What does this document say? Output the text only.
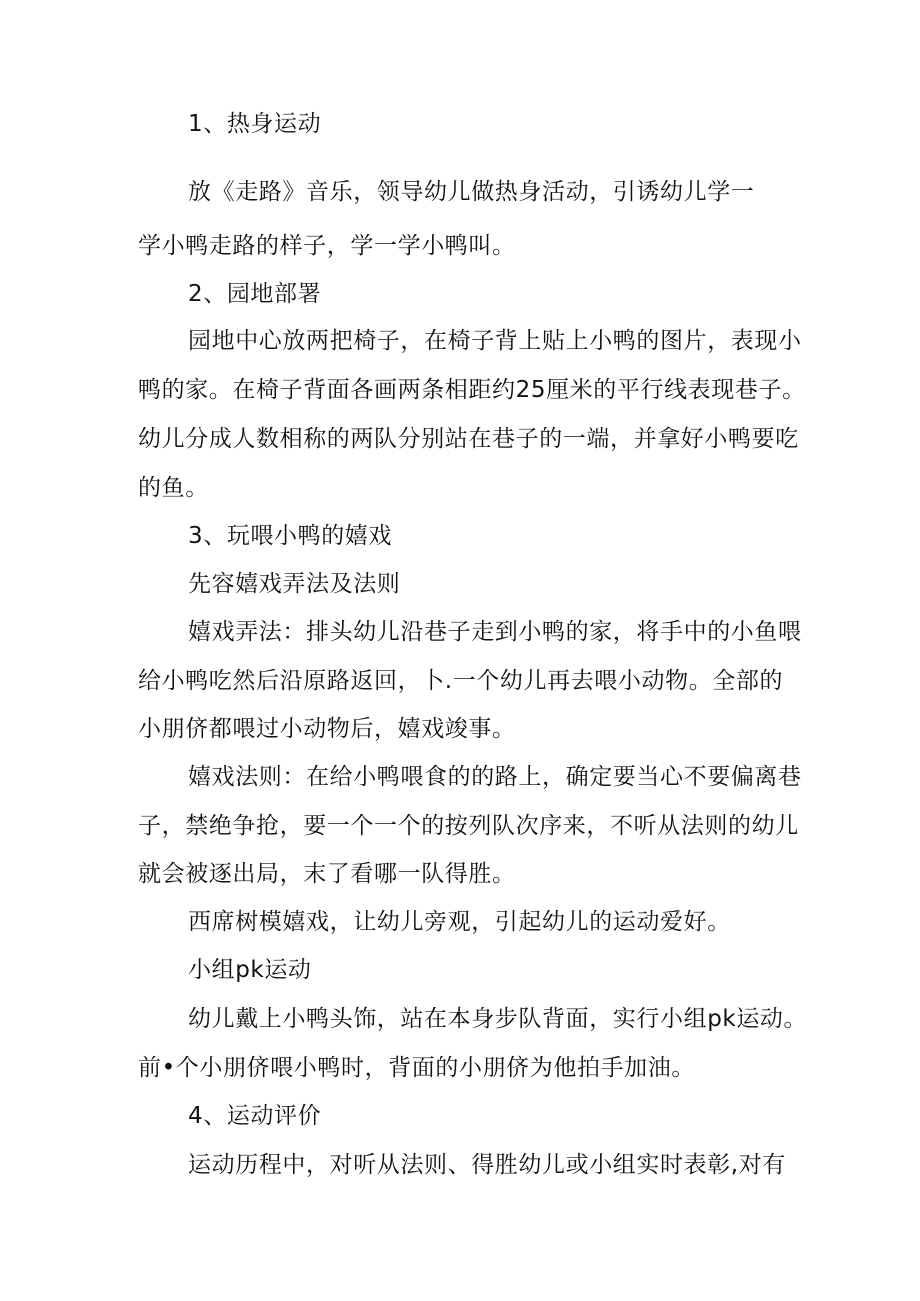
1、热身运动
放《走路》音乐，领导幼儿做热身活动，引诱幼儿学一
学小鸭走路的样子，学一学小鸭叫。
2、园地部署
园地中心放两把椅子，在椅子背上贴上小鸭的图片，表现小
鸭的家。在椅子背面各画两条相距约25厘米的平行线表现巷子。
幼儿分成人数相称的两队分别站在巷子的一端，并拿好小鸭要吃
的鱼。
3、玩喂小鸭的嬉戏
先容嬉戏弄法及法则
嬉戏弄法：排头幼儿沿巷子走到小鸭的家，将手中的小鱼喂
给小鸭吃然后沿原路返回，卜.一个幼儿再去喂小动物。全部的
小朋侪都喂过小动物后，嬉戏竣事。
嬉戏法则：在给小鸭喂食的的路上，确定要当心不要偏离巷
子，禁绝争抢，要一个一个的按列队次序来，不听从法则的幼儿
就会被逐出局，末了看哪一队得胜。
西席树模嬉戏，让幼儿旁观，引起幼儿的运动爱好。
小组pk运动
幼儿戴上小鸭头饰，站在本身步队背面，实行小组pk运动。
前•个小朋侪喂小鸭时，背面的小朋侪为他拍手加油。
4、运动评价
运动历程中，对听从法则、得胜幼儿或小组实时表彰,对有
